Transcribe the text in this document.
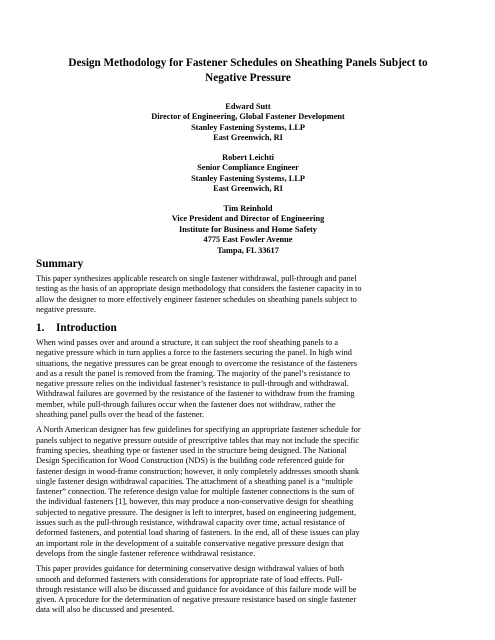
Design Methodology for Fastener Schedules on Sheathing Panels Subject to
Negative Pressure
Edward Sutt
Director of Engineering, Global Fastener Development
Stanley Fastening Systems, LLP
East Greenwich, RI
Robert Leichti
Senior Compliance Engineer
Stanley Fastening Systems, LLP
East Greenwich, RI
Tim Reinhold
Vice President and Director of Engineering
Institute for Business and Home Safety
4775 East Fowler Avenue
Tampa, FL 33617
Summary
This paper synthesizes applicable research on single fastener withdrawal, pull-through and panel
testing as the basis of an appropriate design methodology that considers the fastener capacity in to
allow the designer to more effectively engineer fastener schedules on sheathing panels subject to
negative pressure.
1. Introduction
When wind passes over and around a structure, it can subject the roof sheathing panels to a
negative pressure which in turn applies a force to the fasteners securing the panel. In high wind
situations, the negative pressures can be great enough to overcome the resistance of the fasteners
and as a result the panel is removed from the framing. The majority of the panel’s resistance to
negative pressure relies on the individual fastener’s resistance to pull-through and withdrawal.
Withdrawal failures are governed by the resistance of the fastener to withdraw from the framing
member, while pull-through failures occur when the fastener does not withdraw, rather the
sheathing panel pulls over the head of the fastener.
A North American designer has few guidelines for specifying an appropriate fastener schedule for
panels subject to negative pressure outside of prescriptive tables that may not include the specific
framing species, sheathing type or fastener used in the structure being designed. The National
Design Specification for Wood Construction (NDS) is the building code referenced guide for
fastener design in wood-frame construction; however, it only completely addresses smooth shank
single fastener design withdrawal capacities. The attachment of a sheathing panel is a “multiple
fastener” connection. The reference design value for multiple fastener connections is the sum of
the individual fasteners [1], however, this may produce a non-conservative design for sheathing
subjected to negative pressure. The designer is left to interpret, based on engineering judgement,
issues such as the pull-through resistance, withdrawal capacity over time, actual resistance of
deformed fasteners, and potential load sharing of fasteners. In the end, all of these issues can play
an important role in the development of a suitable conservative negative pressure design that
develops from the single fastener reference withdrawal resistance.
This paper provides guidance for determining conservative design withdrawal values of both
smooth and deformed fasteners with considerations for appropriate rate of load effects. Pull-
through resistance will also be discussed and guidance for avoidance of this failure mode will be
given. A procedure for the determination of negative pressure resistance based on single fastener
data will also be discussed and presented.
